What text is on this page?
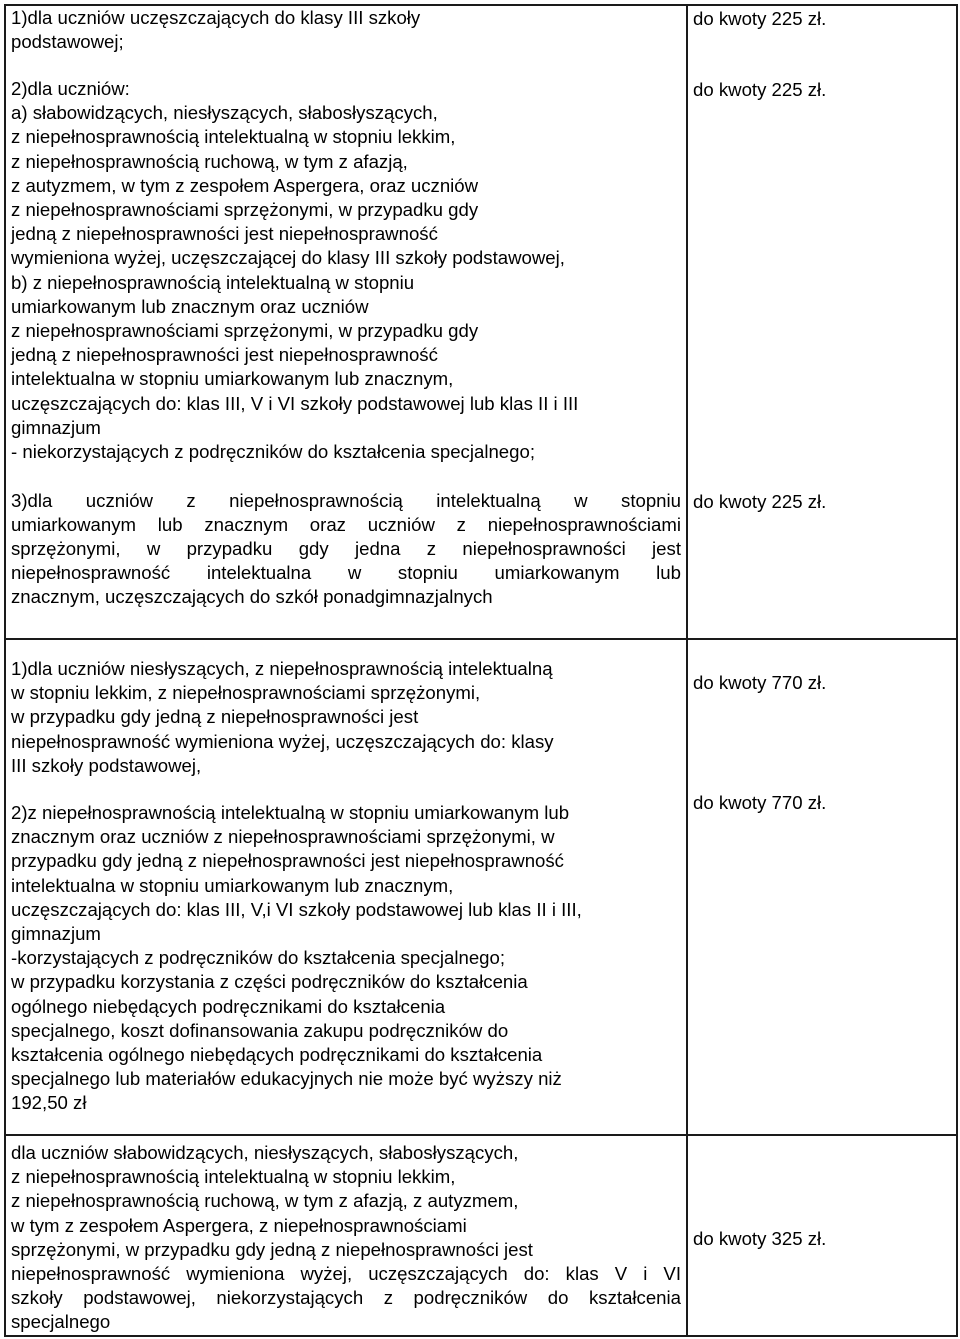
1)dla uczniów uczęszczających do klasy III szkoły
podstawowej;
do kwoty 225 zł.
2)dla uczniów:
a) słabowidzących, niesłyszących, słabosłyszących,
z niepełnosprawnością intelektualną w stopniu lekkim,
z niepełnosprawnością ruchową, w tym z afazją,
z autyzmem, w tym z zespołem Aspergera, oraz uczniów
z niepełnosprawnościami sprzężonymi, w przypadku gdy
jedną z niepełnosprawności jest niepełnosprawność
wymieniona wyżej, uczęszczającej do klasy III szkoły podstawowej,
b) z niepełnosprawnością intelektualną w stopniu
umiarkowanym lub znacznym oraz uczniów
z niepełnosprawnościami sprzężonymi, w przypadku gdy
jedną z niepełnosprawności jest niepełnosprawność
intelektualna w stopniu umiarkowanym lub znacznym,
uczęszczających do: klas III, V i VI szkoły podstawowej lub klas II i III
gimnazjum
- niekorzystających z podręczników do kształcenia specjalnego;
do kwoty 225 zł.
3)dla uczniów z niepełnosprawnością intelektualną w stopniu
umiarkowanym lub znacznym oraz uczniów z niepełnosprawnościami
sprzężonymi, w przypadku gdy jedna z niepełnosprawności jest
niepełnosprawność intelektualna w stopniu umiarkowanym lub
znacznym, uczęszczających do szkół ponadgimnazjalnych
do kwoty 225 zł.
1)dla uczniów niesłyszących, z niepełnosprawnością intelektualną
w stopniu lekkim, z niepełnosprawnościami sprzężonymi,
w przypadku gdy jedną z niepełnosprawności jest
niepełnosprawność wymieniona wyżej, uczęszczających do: klasy
III szkoły podstawowej,
do kwoty 770 zł.
2)z niepełnosprawnością intelektualną w stopniu umiarkowanym lub
znacznym oraz uczniów z niepełnosprawnościami sprzężonymi, w
przypadku gdy jedną z niepełnosprawności jest niepełnosprawność
intelektualna w stopniu umiarkowanym lub znacznym,
uczęszczających do: klas III, V,i VI szkoły podstawowej lub klas II i III,
gimnazjum
-korzystających z podręczników do kształcenia specjalnego;
w przypadku korzystania z części podręczników do kształcenia
ogólnego niebędących podręcznikami do kształcenia
specjalnego, koszt dofinansowania zakupu podręczników do
kształcenia ogólnego niebędących podręcznikami do kształcenia
specjalnego lub materiałów edukacyjnych nie może być wyższy niż
192,50 zł
do kwoty 770 zł.
dla uczniów słabowidzących, niesłyszących, słabosłyszących,
z niepełnosprawnością intelektualną w stopniu lekkim,
z niepełnosprawnością ruchową, w tym z afazją, z autyzmem,
w tym z zespołem Aspergera, z niepełnosprawnościami
sprzężonymi, w przypadku gdy jedną z niepełnosprawności jest
niepełnosprawność wymieniona wyżej, uczęszczających do: klas V i VI
szkoły podstawowej, niekorzystających z podręczników do kształcenia
specjalnego
do kwoty 325 zł.
